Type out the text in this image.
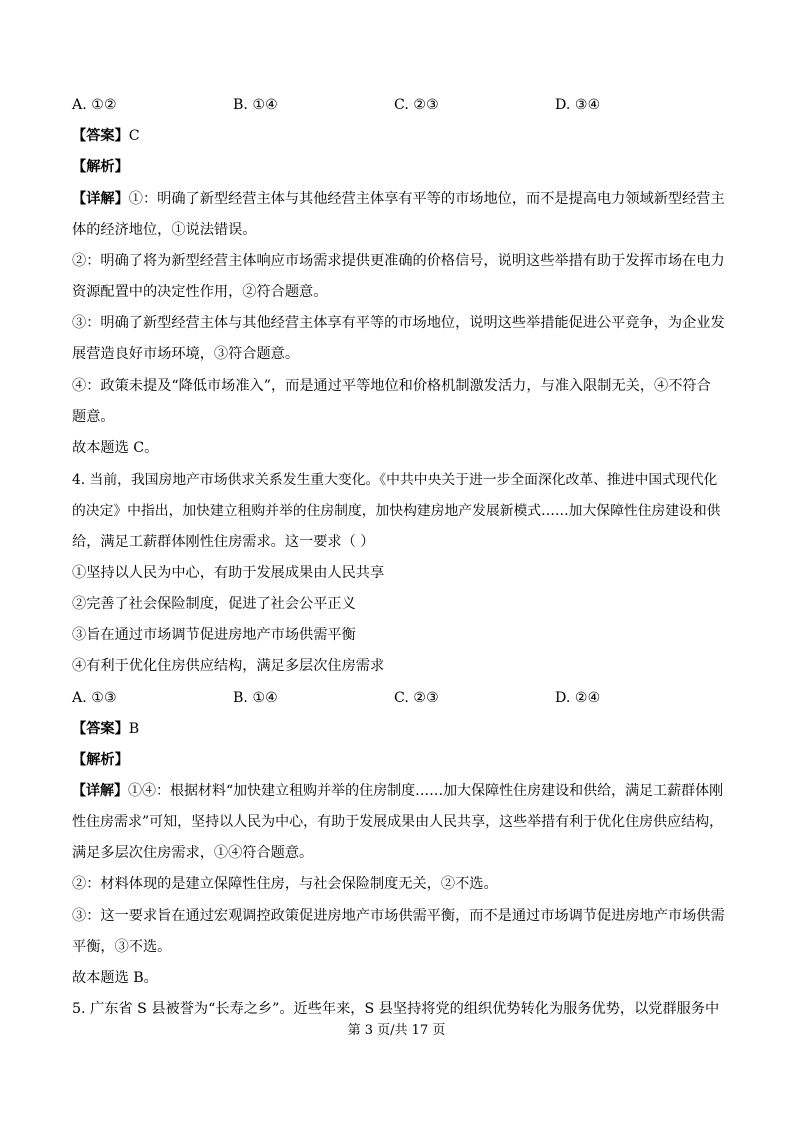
A. ①②	B. ①④	C. ②③	D. ③④
【答案】C
【解析】
【详解】①：明确了新型经营主体与其他经营主体享有平等的市场地位，而不是提高电力领域新型经营主
体的经济地位，①说法错误。
②：明确了将为新型经营主体响应市场需求提供更准确的价格信号，说明这些举措有助于发挥市场在电力
资源配置中的决定性作用，②符合题意。
③：明确了新型经营主体与其他经营主体享有平等的市场地位，说明这些举措能促进公平竞争，为企业发
展营造良好市场环境，③符合题意。
④：政策未提及“降低市场准入”，而是通过平等地位和价格机制激发活力，与准入限制无关，④不符合
题意。
故本题选 C。
4. 当前，我国房地产市场供求关系发生重大变化。《中共中央关于进一步全面深化改革、推进中国式现代化
的决定》中指出，加快建立租购并举的住房制度，加快构建房地产发展新模式……加大保障性住房建设和供
给，满足工薪群体刚性住房需求。这一要求（ ）
①坚持以人民为中心，有助于发展成果由人民共享
②完善了社会保险制度，促进了社会公平正义
③旨在通过市场调节促进房地产市场供需平衡
④有利于优化住房供应结构，满足多层次住房需求
A. ①③	B. ①④	C. ②③	D. ②④
【答案】B
【解析】
【详解】①④：根据材料“加快建立租购并举的住房制度……加大保障性住房建设和供给，满足工薪群体刚
性住房需求”可知，坚持以人民为中心，有助于发展成果由人民共享，这些举措有利于优化住房供应结构，
满足多层次住房需求，①④符合题意。
②：材料体现的是建立保障性住房，与社会保险制度无关，②不选。
③：这一要求旨在通过宏观调控政策促进房地产市场供需平衡，而不是通过市场调节促进房地产市场供需
平衡，③不选。
故本题选 B。
5. 广东省 S 县被誉为“长寿之乡”。近些年来，S 县坚持将党的组织优势转化为服务优势，以党群服务中
第 3 页/共 17 页
